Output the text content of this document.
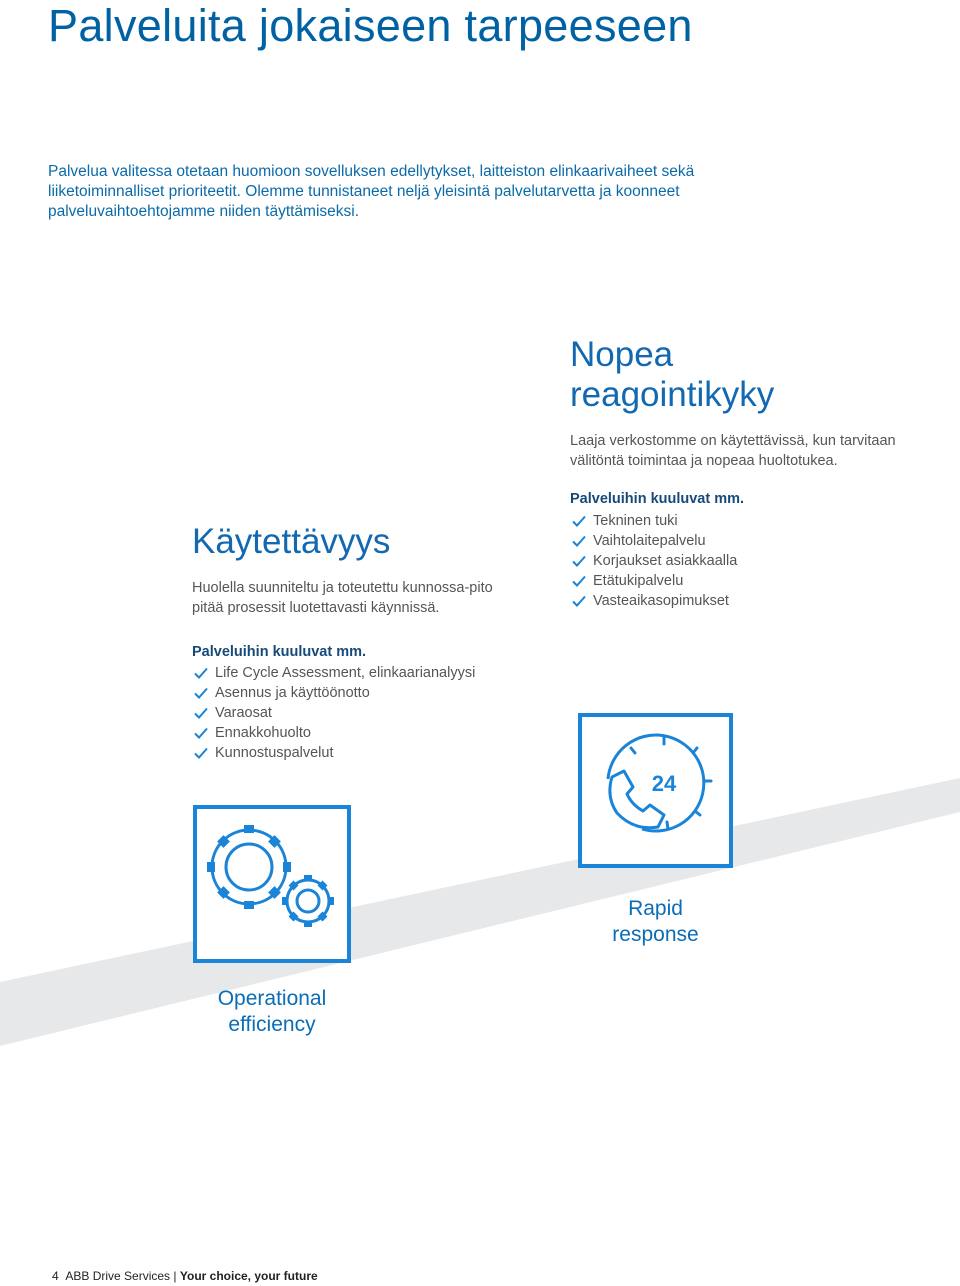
Palveluita jokaiseen tarpeeseen

Palvelua valitessa otetaan huomioon sovelluksen edellytykset, laitteiston elinkaarivaiheet sekä liiketoiminnalliset prioriteetit. Olemme tunnistaneet neljä yleisintä palvelutarvetta ja koonneet palveluvaihtoehtojamme niiden täyttämiseksi.

Nopea
reagointikyky

Laaja verkostomme on käytettävissä, kun tarvitaan välitöntä toimintaa ja nopeaa huoltotukea.

Palveluihin kuuluvat mm.

Tekninen tuki
Vaihtolaitepalvelu
Korjaukset asiakkaalla
Etätukipalvelu
Vasteaikasopimukset
Käytettävyys

Huolella suunniteltu ja toteutettu kunnossa-pito pitää prosessit luotettavasti käynnissä.

Palveluihin kuuluvat mm.

Life Cycle Assessment, elinkaarianalyysi
Asennus ja käyttöönotto
Varaosat
Ennakkohuolto
Kunnostuspalvelut
24
Rapid
response
Operational
efficiency
4 ABB Drive Services | Your choice, your future
